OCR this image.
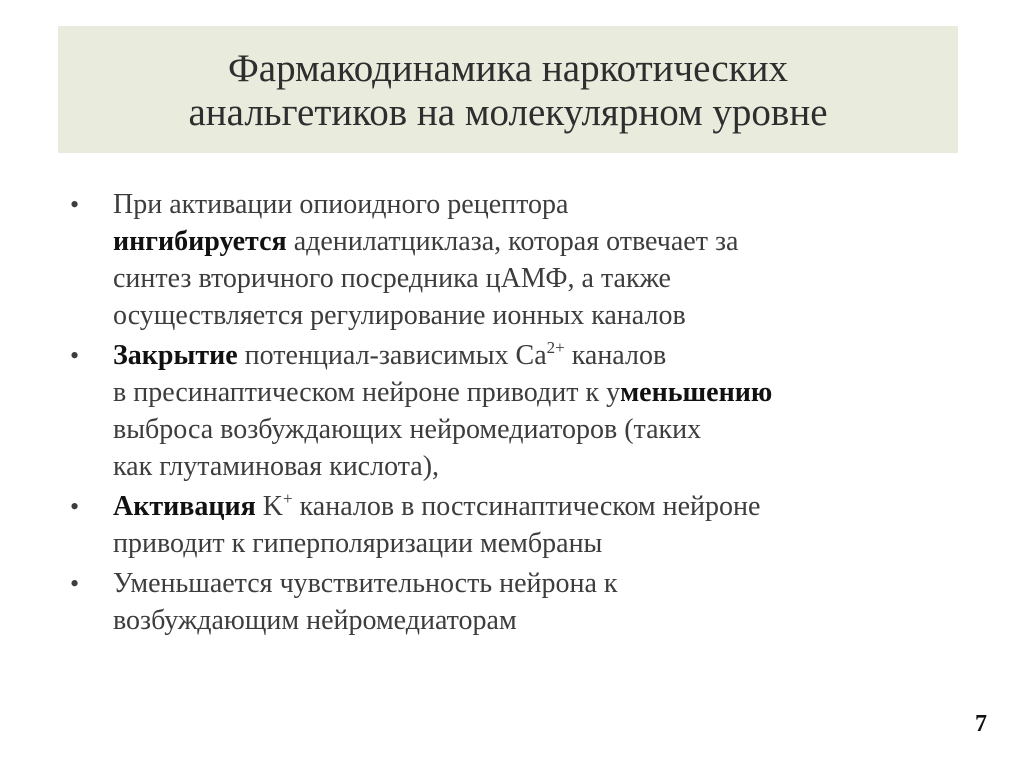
Фармакодинамика наркотических
анальгетиков на молекулярном уровне
• При активации опиоидного рецептора
ингибируется аденилатциклаза, которая отвечает за
синтез вторичного посредника цАМФ, а также
осуществляется регулирование ионных каналов
• Закрытие потенциал-зависимых $Ca^{2+}$ каналов
в пресинаптическом нейроне приводит к уменьшению
выброса возбуждающих нейромедиаторов (таких
как глутаминовая кислота),
• Активация K+ каналов в постсинаптическом нейроне
приводит к гиперполяризации мембраны
• Уменьшается чувствительность нейрона к
возбуждающим нейромедиаторам
7
